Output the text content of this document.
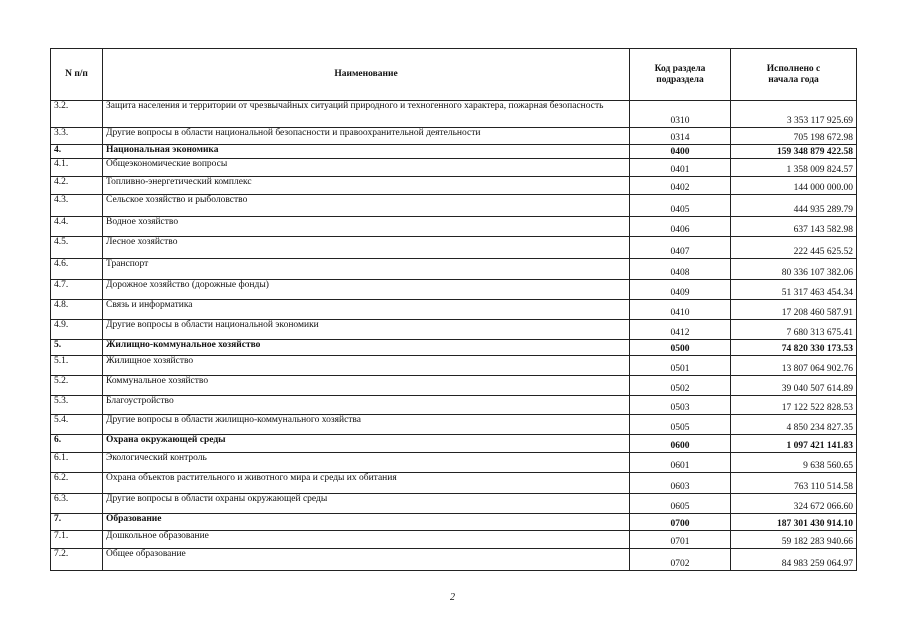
N п/п	Наименование	Код раздела подраздела	Исполнено с начала года
3.2.	Защита населения и территории от чрезвычайных ситуаций природного и техногенного характера, пожарная безопасность	0310	3 353 117 925.69
3.3.	Другие вопросы в области национальной безопасности и правоохранительной деятельности	0314	705 198 672.98
4.	Национальная экономика	0400	159 348 879 422.58
4.1.	Общеэкономические вопросы	0401	1 358 009 824.57
4.2.	Топливно-энергетический комплекс	0402	144 000 000.00
4.3.	Сельское хозяйство и рыболовство	0405	444 935 289.79
4.4.	Водное хозяйство	0406	637 143 582.98
4.5.	Лесное хозяйство	0407	222 445 625.52
4.6.	Транспорт	0408	80 336 107 382.06
4.7.	Дорожное хозяйство (дорожные фонды)	0409	51 317 463 454.34
4.8.	Связь и информатика	0410	17 208 460 587.91
4.9.	Другие вопросы в области национальной экономики	0412	7 680 313 675.41
5.	Жилищно-коммунальное хозяйство	0500	74 820 330 173.53
5.1.	Жилищное хозяйство	0501	13 807 064 902.76
5.2.	Коммунальное хозяйство	0502	39 040 507 614.89
5.3.	Благоустройство	0503	17 122 522 828.53
5.4.	Другие вопросы в области жилищно-коммунального хозяйства	0505	4 850 234 827.35
6.	Охрана окружающей среды	0600	1 097 421 141.83
6.1.	Экологический контроль	0601	9 638 560.65
6.2.	Охрана объектов растительного и животного мира и среды их обитания	0603	763 110 514.58
6.3.	Другие вопросы в области охраны окружающей среды	0605	324 672 066.60
7.	Образование	0700	187 301 430 914.10
7.1.	Дошкольное образование	0701	59 182 283 940.66
7.2.	Общее образование	0702	84 983 259 064.97
2
